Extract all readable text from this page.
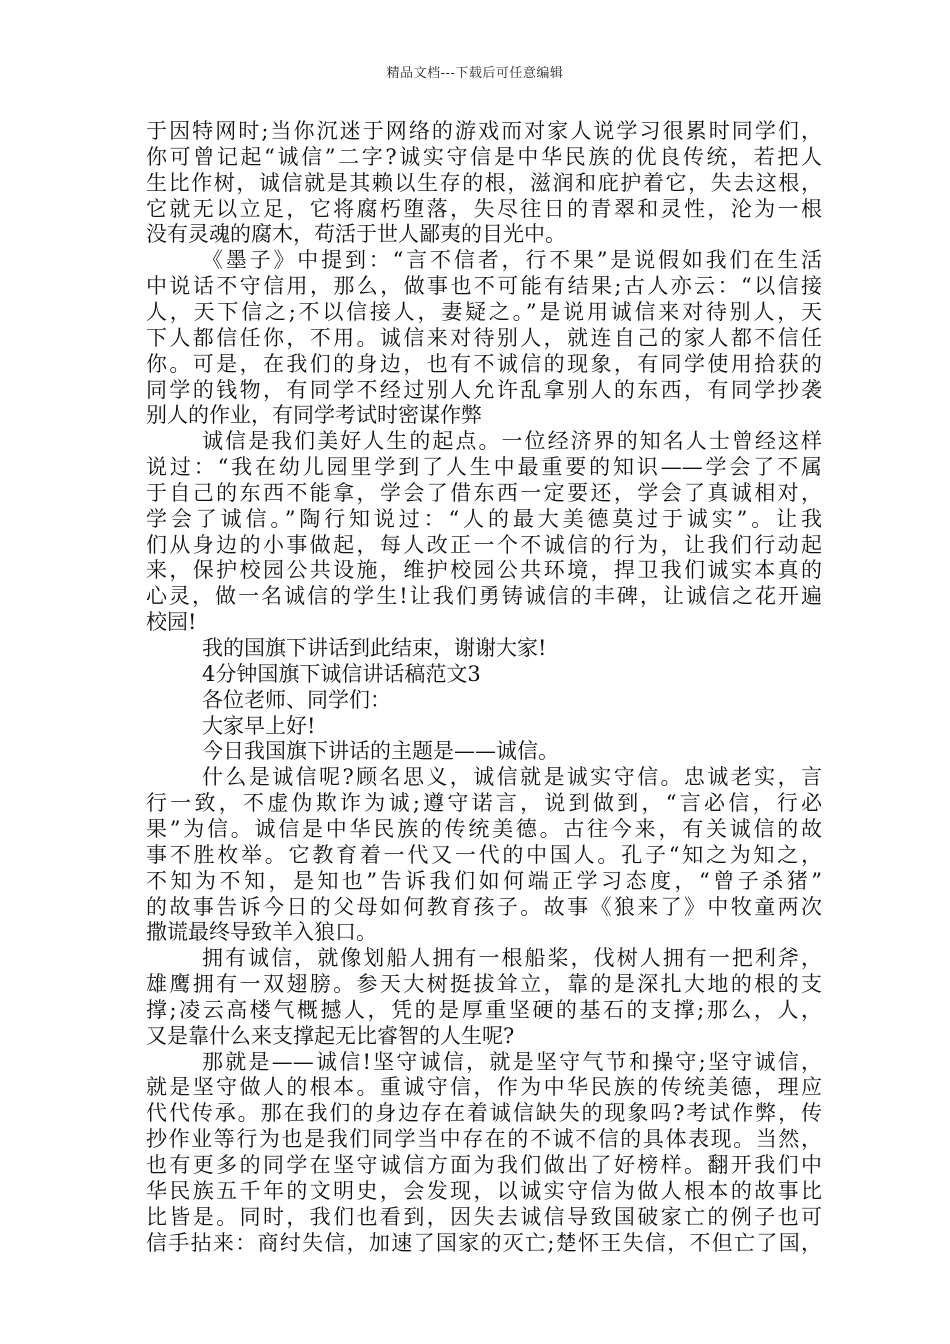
精品文档---下载后可任意编辑
于因特网时;当你沉迷于网络的游戏而对家人说学习很累时同学们，
你可曾记起“诚信”二字?诚实守信是中华民族的优良传统，若把人
生比作树，诚信就是其赖以生存的根，滋润和庇护着它，失去这根，
它就无以立足，它将腐朽堕落，失尽往日的青翠和灵性，沦为一根
没有灵魂的腐木，苟活于世人鄙夷的目光中。
《墨子》中提到：“言不信者，行不果”是说假如我们在生活
中说话不守信用，那么，做事也不可能有结果;古人亦云：“以信接
人，天下信之;不以信接人，妻疑之。”是说用诚信来对待别人，天
下人都信任你，不用。诚信来对待别人，就连自己的家人都不信任
你。可是，在我们的身边，也有不诚信的现象，有同学使用拾获的
同学的钱物，有同学不经过别人允许乱拿别人的东西，有同学抄袭
别人的作业，有同学考试时密谋作弊
诚信是我们美好人生的起点。一位经济界的知名人士曾经这样
说过：“我在幼儿园里学到了人生中最重要的知识——学会了不属
于自己的东西不能拿，学会了借东西一定要还，学会了真诚相对，
学会了诚信。”陶行知说过：“人的最大美德莫过于诚实”。让我
们从身边的小事做起，每人改正一个不诚信的行为，让我们行动起
来，保护校园公共设施，维护校园公共环境，捍卫我们诚实本真的
心灵，做一名诚信的学生!让我们勇铸诚信的丰碑，让诚信之花开遍
校园!
我的国旗下讲话到此结束，谢谢大家!
4分钟国旗下诚信讲话稿范文3
各位老师、同学们：
大家早上好!
今日我国旗下讲话的主题是——诚信。
什么是诚信呢?顾名思义，诚信就是诚实守信。忠诚老实，言
行一致，不虚伪欺诈为诚;遵守诺言，说到做到，“言必信，行必
果”为信。诚信是中华民族的传统美德。古往今来，有关诚信的故
事不胜枚举。它教育着一代又一代的中国人。孔子“知之为知之，
不知为不知，是知也”告诉我们如何端正学习态度，“曾子杀猪”
的故事告诉今日的父母如何教育孩子。故事《狼来了》中牧童两次
撒谎最终导致羊入狼口。
拥有诚信，就像划船人拥有一根船桨，伐树人拥有一把利斧，
雄鹰拥有一双翅膀。参天大树挺拔耸立，靠的是深扎大地的根的支
撑;凌云高楼气概撼人，凭的是厚重坚硬的基石的支撑;那么，人，
又是靠什么来支撑起无比睿智的人生呢?
那就是——诚信!坚守诚信，就是坚守气节和操守;坚守诚信，
就是坚守做人的根本。重诚守信，作为中华民族的传统美德，理应
代代传承。那在我们的身边存在着诚信缺失的现象吗?考试作弊，传
抄作业等行为也是我们同学当中存在的不诚不信的具体表现。当然，
也有更多的同学在坚守诚信方面为我们做出了好榜样。翻开我们中
华民族五千年的文明史，会发现，以诚实守信为做人根本的故事比
比皆是。同时，我们也看到，因失去诚信导致国破家亡的例子也可
信手拈来：商纣失信，加速了国家的灭亡;楚怀王失信，不但亡了国，
